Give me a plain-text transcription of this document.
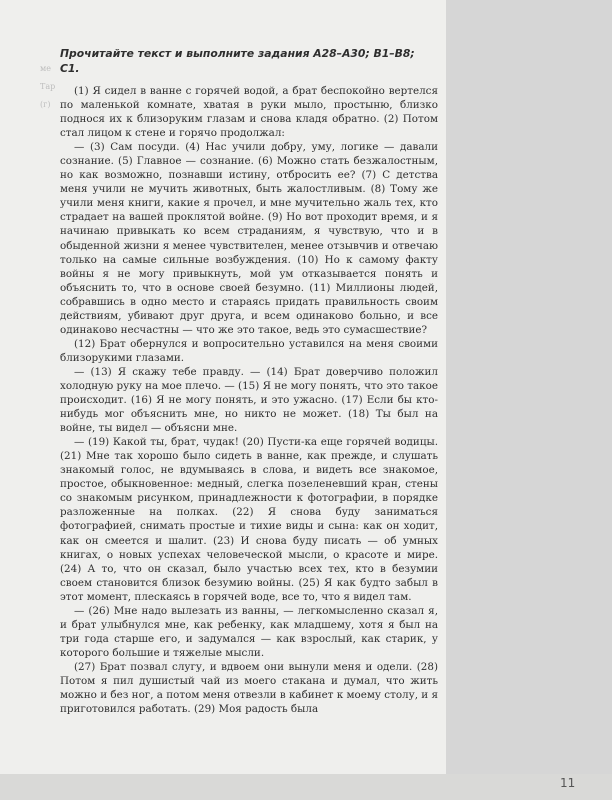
ме
Тар
(г)

Прочитайте текст и выполните задания А28–А30; В1–В8; С1.

(1) Я сидел в ванне с горячей водой, а брат беспокойно вертелся по маленькой комнате, хватая в руки мыло, простыню, близко поднося их к близоруким глазам и снова кладя обратно. (2) Потом стал лицом к стене и горячо продолжал:

— (3) Сам посуди. (4) Нас учили добру, уму, логике — давали сознание. (5) Главное — сознание. (6) Можно стать безжалостным, но как возможно, познавши истину, отбросить ее? (7) С детства меня учили не мучить животных, быть жалостливым. (8) Тому же учили меня книги, какие я прочел, и мне мучительно жаль тех, кто страдает на вашей проклятой войне. (9) Но вот проходит время, и я начинаю привыкать ко всем страданиям, я чувствую, что и в обыденной жизни я менее чувствителен, менее отзывчив и отвечаю только на самые сильные возбуждения. (10) Но к самому факту войны я не могу привыкнуть, мой ум отказывается понять и объяснить то, что в основе своей безумно. (11) Миллионы людей, собравшись в одно место и стараясь придать правильность своим действиям, убивают друг друга, и всем одинаково больно, и все одинаково несчастны — что же это такое, ведь это сумасшествие?

(12) Брат обернулся и вопросительно уставился на меня своими близорукими глазами.

— (13) Я скажу тебе правду. — (14) Брат доверчиво положил холодную руку на мое плечо. — (15) Я не могу понять, что это такое происходит. (16) Я не могу понять, и это ужасно. (17) Если бы кто-нибудь мог объяснить мне, но никто не может. (18) Ты был на войне, ты видел — объясни мне.

— (19) Какой ты, брат, чудак! (20) Пусти-ка еще горячей водицы. (21) Мне так хорошо было сидеть в ванне, как прежде, и слушать знакомый голос, не вдумываясь в слова, и видеть все знакомое, простое, обыкновенное: медный, слегка позеленевший кран, стены со знакомым рисунком, принадлежности к фотографии, в порядке разложенные на полках. (22) Я снова буду заниматься фотографией, снимать простые и тихие виды и сына: как он ходит, как он смеется и шалит. (23) И снова буду писать — об умных книгах, о новых успехах человеческой мысли, о красоте и мире. (24) А то, что он сказал, было участью всех тех, кто в безумии своем становится близок безумию войны. (25) Я как будто забыл в этот момент, плескаясь в горячей воде, все то, что я видел там.

— (26) Мне надо вылезать из ванны, — легкомысленно сказал я, и брат улыбнулся мне, как ребенку, как младшему, хотя я был на три года старше его, и задумался — как взрослый, как старик, у которого большие и тяжелые мысли.

(27) Брат позвал слугу, и вдвоем они вынули меня и одели. (28) Потом я пил душистый чай из моего стакана и думал, что жить можно и без ног, а потом меня отвезли в кабинет к моему столу, и я приготовился работать. (29) Моя радость была

11
